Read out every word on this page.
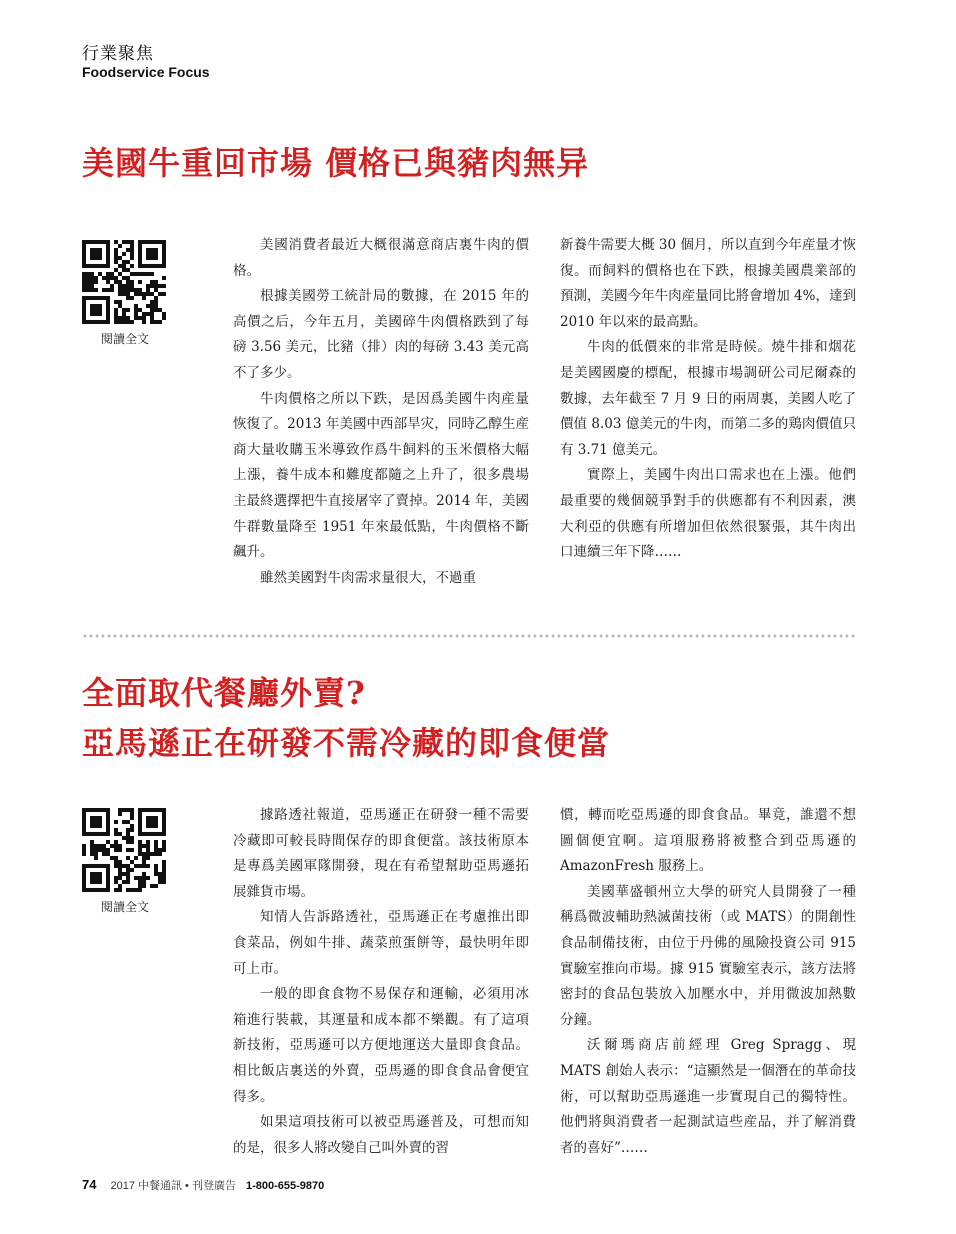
行業聚焦
Foodservice Focus
美國牛重回市場 價格已與豬肉無异
閱讀全文

美國消費者最近大概很滿意商店裏牛肉的價格。

根據美國勞工統計局的數據，在 2015 年的高價之后，今年五月，美國碎牛肉價格跌到了每磅 3.56 美元，比豬（排）肉的每磅 3.43 美元高不了多少。

牛肉價格之所以下跌，是因爲美國牛肉産量恢復了。2013 年美國中西部旱灾，同時乙醇生産商大量收購玉米導致作爲牛飼料的玉米價格大幅上漲，養牛成本和難度都隨之上升了，很多農場主最終選擇把牛直接屠宰了賣掉。2014 年，美國牛群數量降至 1951 年來最低點，牛肉價格不斷飆升。

雖然美國對牛肉需求量很大，不過重

新養牛需要大概 30 個月，所以直到今年産量才恢復。而飼料的價格也在下跌，根據美國農業部的預測，美國今年牛肉産量同比將會增加 4%，達到 2010 年以來的最高點。

牛肉的低價來的非常是時候。燒牛排和烟花是美國國慶的標配，根據市場調研公司尼爾森的數據，去年截至 7 月 9 日的兩周裏，美國人吃了價值 8.03 億美元的牛肉，而第二多的鶏肉價值只有 3.71 億美元。

實際上，美國牛肉出口需求也在上漲。他們最重要的幾個競爭對手的供應都有不利因素，澳大利亞的供應有所增加但依然很緊張，其牛肉出口連續三年下降……

全面取代餐廳外賣?
亞馬遜正在研發不需冷藏的即食便當
閱讀全文

據路透社報道，亞馬遜正在研發一種不需要冷藏即可較長時間保存的即食便當。該技術原本是專爲美國軍隊開發，現在有希望幫助亞馬遜拓展雜貨市場。

知情人告訴路透社，亞馬遜正在考慮推出即食菜品，例如牛排、蔬菜煎蛋餅等，最快明年即可上市。

一般的即食食物不易保存和運輸，必須用冰箱進行裝載，其運量和成本都不樂觀。有了這項新技術，亞馬遜可以方便地運送大量即食食品。相比飯店裏送的外賣，亞馬遜的即食食品會便宜得多。

如果這項技術可以被亞馬遜普及，可想而知的是，很多人將改變自己叫外賣的習

慣，轉而吃亞馬遜的即食食品。畢竟，誰還不想圖個便宜啊。這項服務將被整合到亞馬遜的 AmazonFresh 服務上。

美國華盛頓州立大學的研究人員開發了一種稱爲微波輔助熱滅菌技術（或 MATS）的開創性食品制備技術，由位于丹佛的風險投資公司 915 實驗室推向市場。據 915 實驗室表示，該方法將密封的食品包裝放入加壓水中，并用微波加熱數分鐘。

沃爾瑪商店前經理 Greg Spragg、現 MATS 創始人表示：“這顯然是一個潛在的革命技術，可以幫助亞馬遜進一步實現自己的獨特性。他們將與消費者一起測試這些産品，并了解消費者的喜好”……

74 2017 中餐通訊 • 刊登廣告 1-800-655-9870
